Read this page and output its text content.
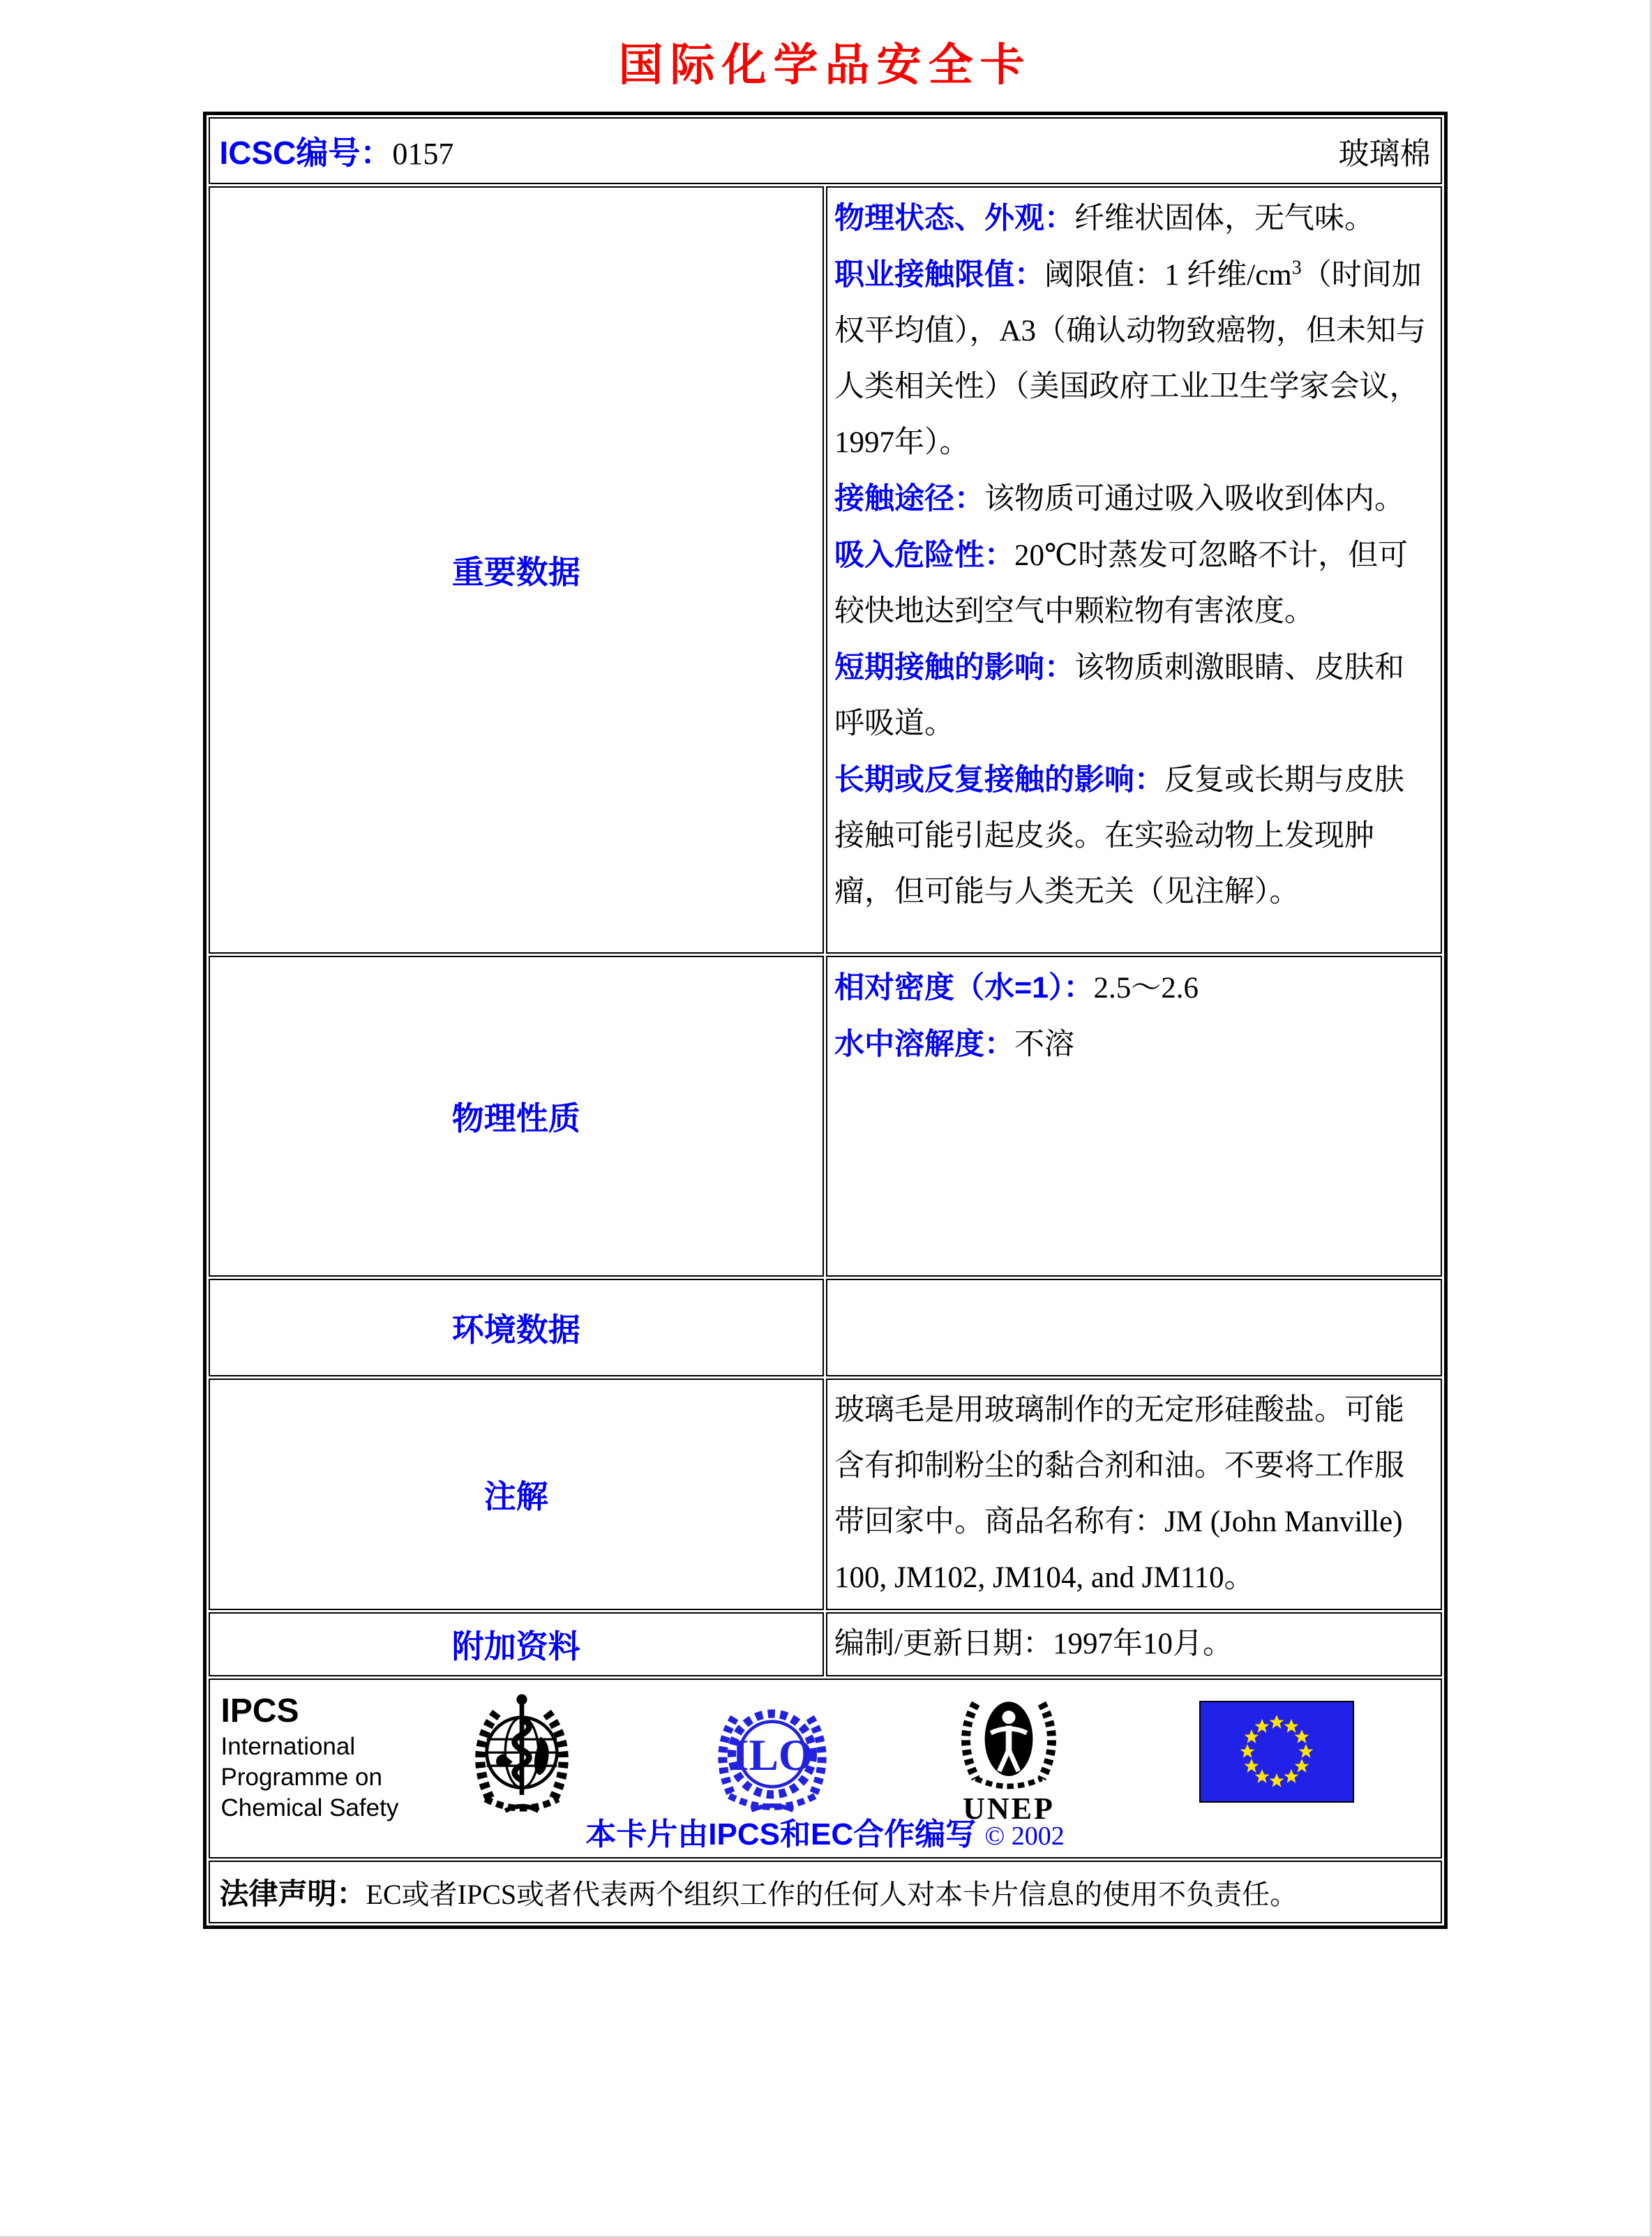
国际化学品安全卡
ICSC编号：0157 玻璃棉	

重要数据	
物理状态、外观：纤维状固体，无气味。
职业接触限值：阈限值：1 纤维$/cm^3$（时间加权平均值），A3（确认动物致癌物，但未知与人类相关性）（美国政府工业卫生学家会议，1997年）。
接触途径：该物质可通过吸入吸收到体内。
吸入危险性：20℃时蒸发可忽略不计，但可较快地达到空气中颗粒物有害浓度。
短期接触的影响：该物质刺激眼睛、皮肤和呼吸道。
长期或反复接触的影响：反复或长期与皮肤接触可能引起皮炎。在实验动物上发现肿瘤，但可能与人类无关（见注解）。

物理性质	相对密度（水=1）：2.5～2.6
水中溶解度：不溶

环境数据	
注解	玻璃毛是用玻璃制作的无定形硅酸盐。可能含有抑制粉尘的黏合剂和油。不要将工作服带回家中。商品名称有：JM (John Manville) 100, JM102, JM104, and JM110。
附加资料	编制/更新日期：1997年10月。

IPCS
International
Programme on
Chemical Safety
ILO
UNEP
本卡片由IPCS和EC合作编写 © 2002

法律声明：EC或者IPCS或者代表两个组织工作的任何人对本卡片信息的使用不负责任。	
